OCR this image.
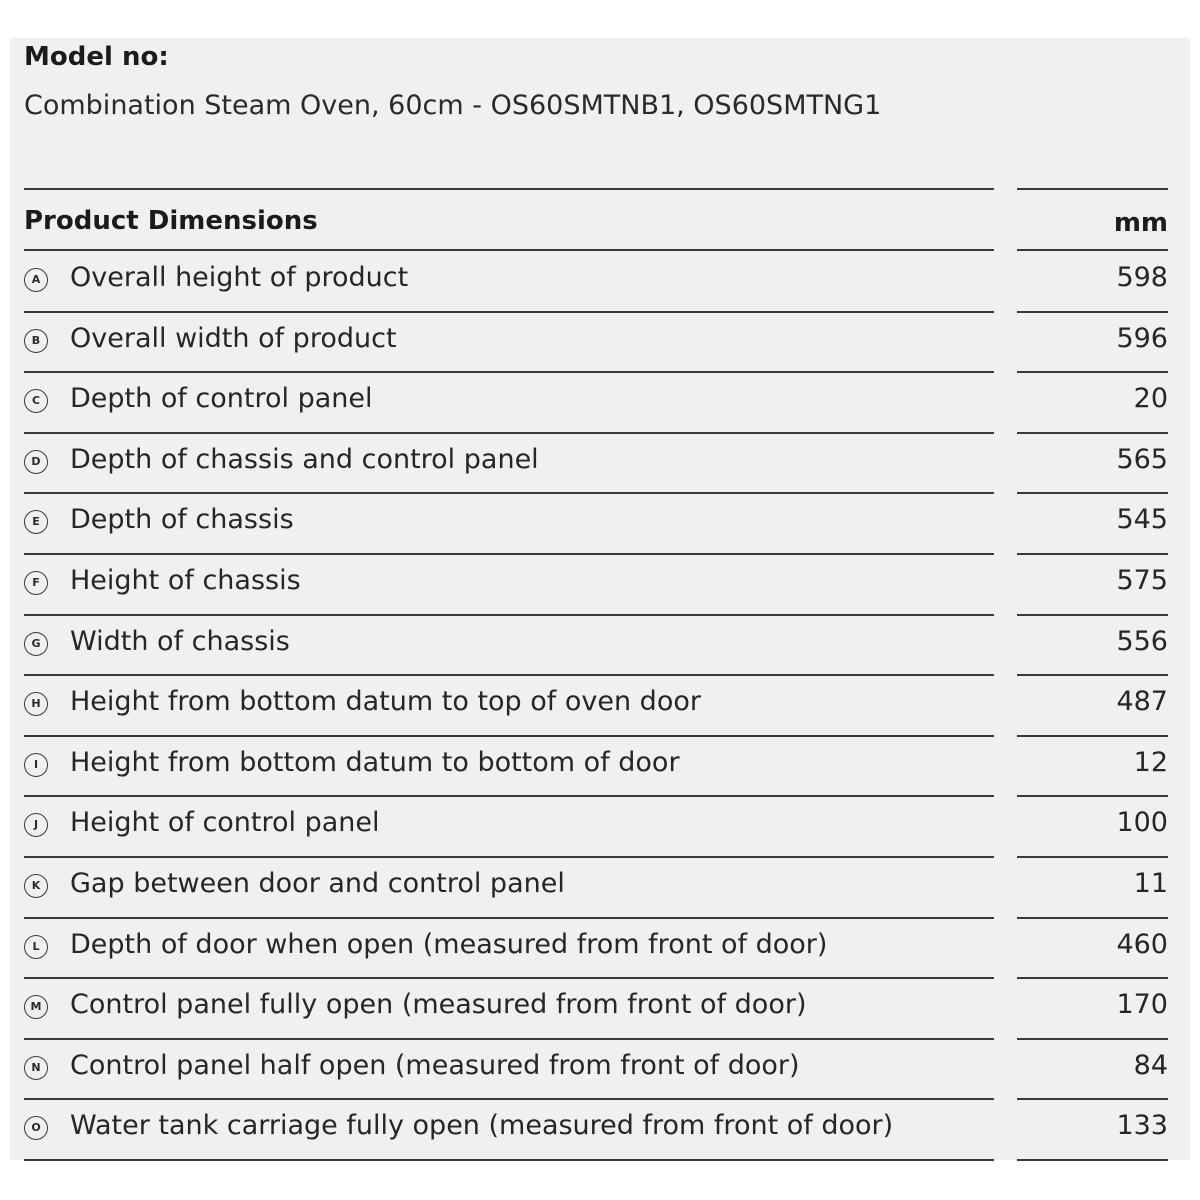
Model no:
Combination Steam Oven, 60cm - OS60SMTNB1, OS60SMTNG1
Product Dimensions	mm
A Overall height of product	598
B Overall width of product	596
C Depth of control panel	20
D Depth of chassis and control panel	565
E	Depth of chassis	545
F	Height of chassis	575
G Width of chassis	556
H Height from bottom datum to top of oven door	487
I	Height from bottom datum to bottom of door	12
J	Height of control panel	100
K Gap between door and control panel	11
L	Depth of door when open (measured from front of door)	460
M Control panel fully open (measured from front of door)	170
N Control panel half open (measured from front of door)	84
O Water tank carriage fully open (measured from front of door)	133
